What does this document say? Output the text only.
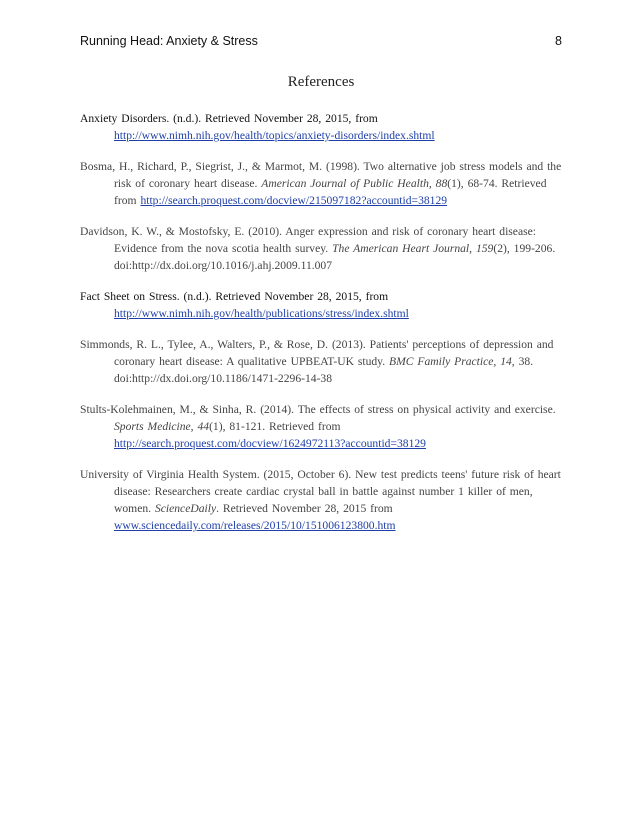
Running Head: Anxiety & Stress	8
References

Anxiety Disorders. (n.d.). Retrieved November 28, 2015, from
http://www.nimh.nih.gov/health/topics/anxiety-disorders/index.shtml

Bosma, H., Richard, P., Siegrist, J., & Marmot, M. (1998). Two alternative job stress models and the risk of coronary heart disease. American Journal of Public Health, 88(1), 68-74. Retrieved from http://search.proquest.com/docview/215097182?accountid=38129

Davidson, K. W., & Mostofsky, E. (2010). Anger expression and risk of coronary heart disease: Evidence from the nova scotia health survey. The American Heart Journal, 159(2), 199-206. doi:http://dx.doi.org/10.1016/j.ahj.2009.11.007

Fact Sheet on Stress. (n.d.). Retrieved November 28, 2015, from
http://www.nimh.nih.gov/health/publications/stress/index.shtml

Simmonds, R. L., Tylee, A., Walters, P., & Rose, D. (2013). Patients' perceptions of depression and coronary heart disease: A qualitative UPBEAT-UK study. BMC Family Practice, 14, 38. doi:http://dx.doi.org/10.1186/1471-2296-14-38

Stults-Kolehmainen, M., & Sinha, R. (2014). The effects of stress on physical activity and exercise. Sports Medicine, 44(1), 81-121. Retrieved from http://search.proquest.com/docview/1624972113?accountid=38129

University of Virginia Health System. (2015, October 6). New test predicts teens' future risk of heart disease: Researchers create cardiac crystal ball in battle against number 1 killer of men, women. ScienceDaily. Retrieved November 28, 2015 from www.sciencedaily.com/releases/2015/10/151006123800.htm
